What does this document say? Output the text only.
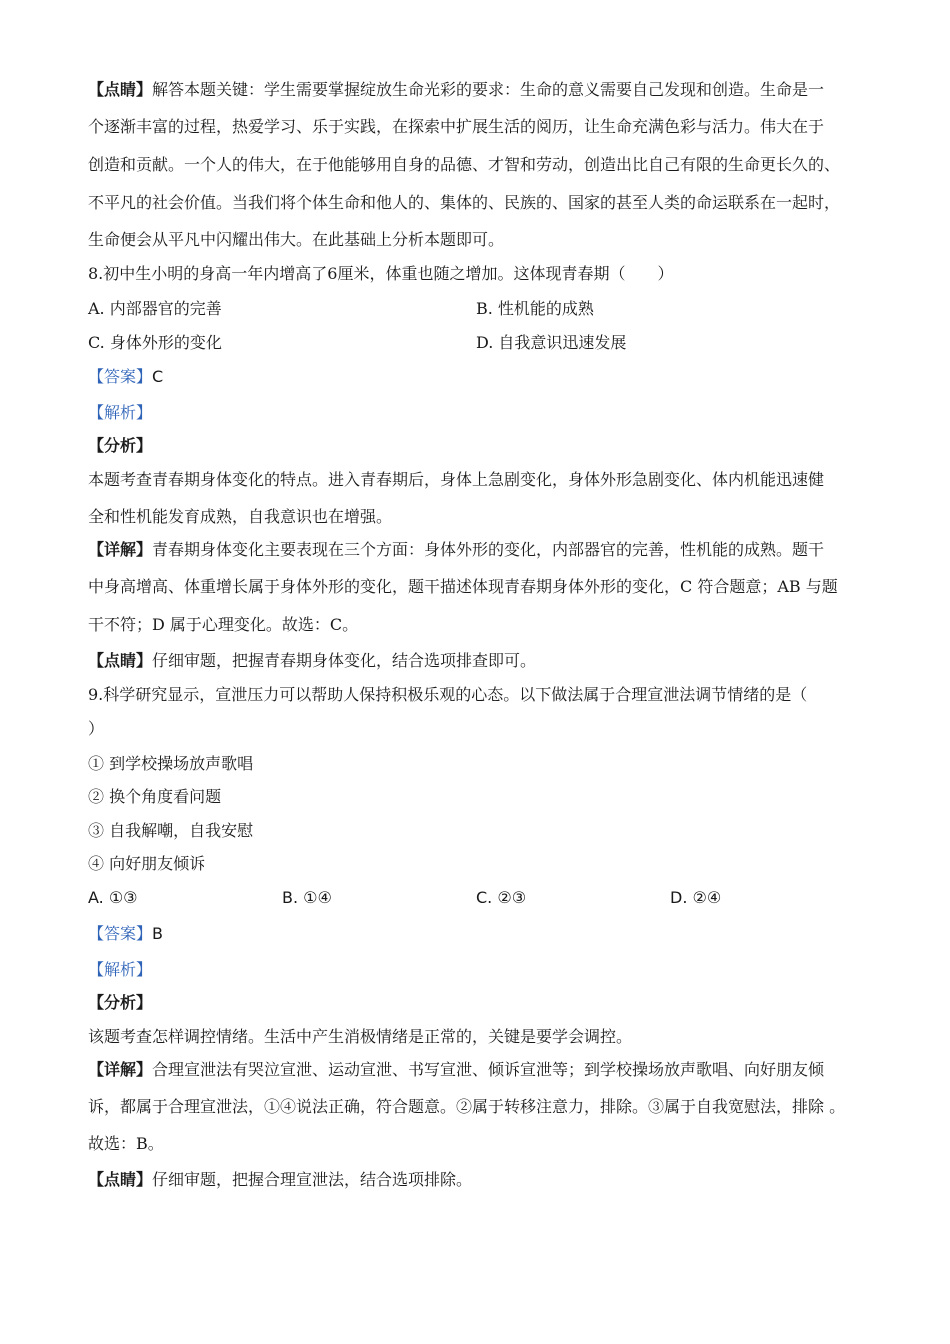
【点睛】解答本题关键：学生需要掌握绽放生命光彩的要求：生命的意义需要自己发现和创造。生命是一
个逐渐丰富的过程，热爱学习、乐于实践，在探索中扩展生活的阅历，让生命充满色彩与活力。伟大在于
创造和贡献。一个人的伟大，在于他能够用自身的品德、才智和劳动，创造出比自己有限的生命更长久的、
不平凡的社会价值。当我们将个体生命和他人的、集体的、民族的、国家的甚至人类的命运联系在一起时，
生命便会从平凡中闪耀出伟大。在此基础上分析本题即可。
8.初中生小明的身高一年内增高了6厘米，体重也随之增加。这体现青春期（　　）
A. 内部器官的完善	B. 性机能的成熟
C. 身体外形的变化	D. 自我意识迅速发展
【答案】C
【解析】
【分析】
本题考查青春期身体变化的特点。进入青春期后，身体上急剧变化，身体外形急剧变化、体内机能迅速健
全和性机能发育成熟，自我意识也在增强。
【详解】青春期身体变化主要表现在三个方面：身体外形的变化，内部器官的完善，性机能的成熟。题干
中身高增高、体重增长属于身体外形的变化，题干描述体现青春期身体外形的变化，C 符合题意；AB 与题
干不符；D 属于心理变化。故选：C。
【点睛】仔细审题，把握青春期身体变化，结合选项排查即可。
9.科学研究显示，宣泄压力可以帮助人保持积极乐观的心态。以下做法属于合理宣泄法调节情绪的是（
）
① 到学校操场放声歌唱
② 换个角度看问题
③ 自我解嘲，自我安慰
④ 向好朋友倾诉
A. ①③	B. ①④	C. ②③	D. ②④
【答案】B
【解析】
【分析】
该题考查怎样调控情绪。生活中产生消极情绪是正常的，关键是要学会调控。
【详解】合理宣泄法有哭泣宣泄、运动宣泄、书写宣泄、倾诉宣泄等；到学校操场放声歌唱、向好朋友倾
诉，都属于合理宣泄法，①④说法正确，符合题意。②属于转移注意力，排除。③属于自我宽慰法，排除 。
故选：B。
【点睛】仔细审题，把握合理宣泄法，结合选项排除。
